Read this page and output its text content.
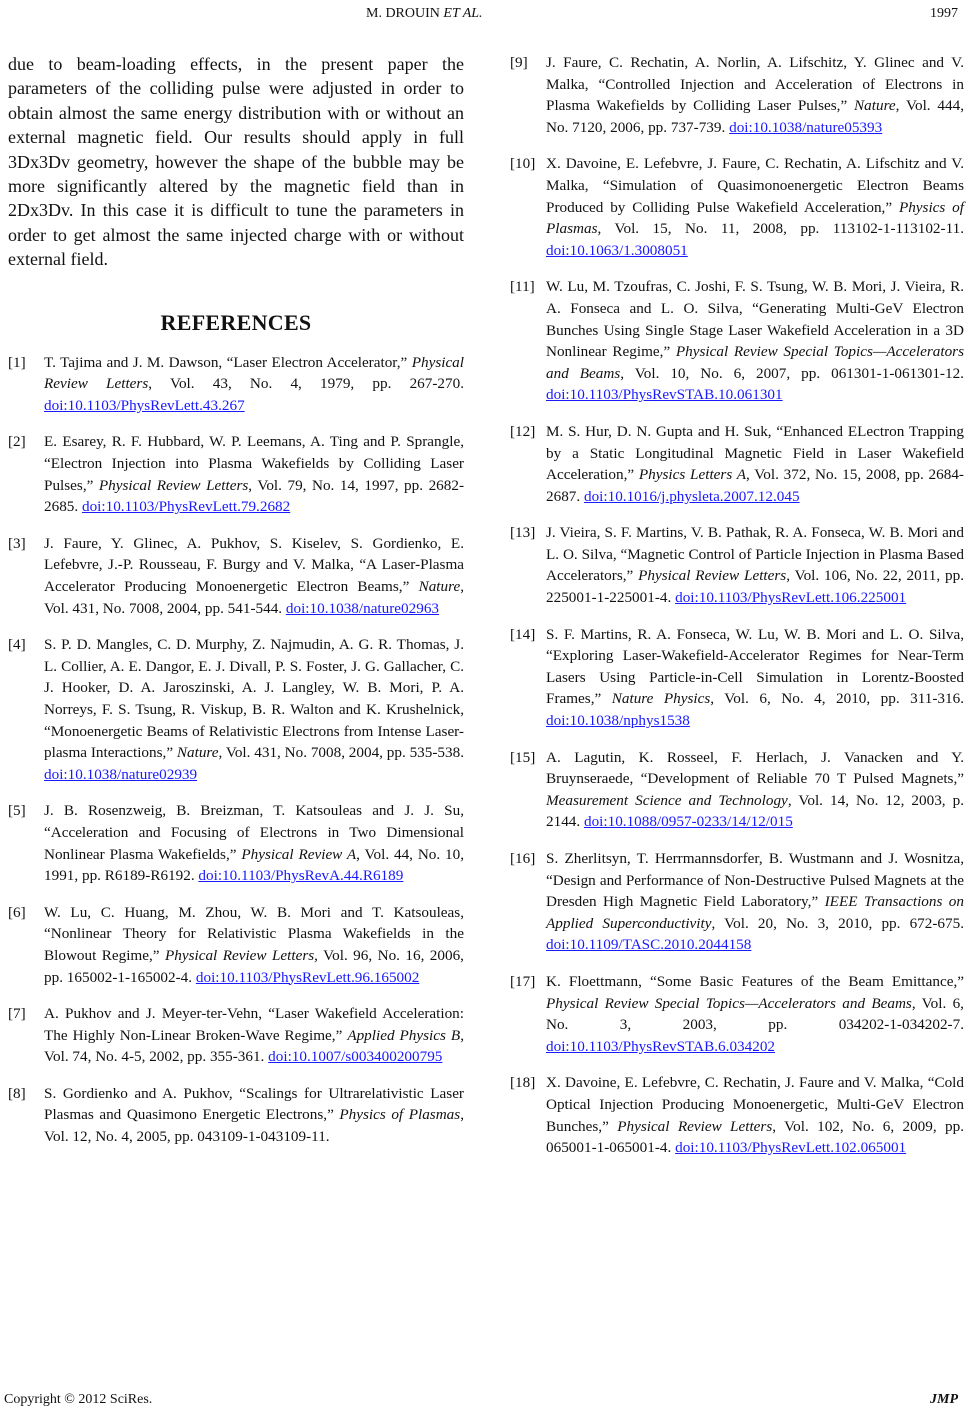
M. DROUIN ET AL.	1997

due to beam-loading effects, in the present paper the parameters of the colliding pulse were adjusted in order to obtain almost the same energy distribution with or without an external magnetic field. Our results should apply in full 3Dx3Dv geometry, however the shape of the bubble may be more significantly altered by the magnetic field than in 2Dx3Dv. In this case it is difficult to tune the parameters in order to get almost the same injected charge with or without external field.

REFERENCES
[1] T. Tajima and J. M. Dawson, “Laser Electron Accelerator,” Physical Review Letters, Vol. 43, No. 4, 1979, pp. 267-270. doi:10.1103/PhysRevLett.43.267
[2] E. Esarey, R. F. Hubbard, W. P. Leemans, A. Ting and P. Sprangle, “Electron Injection into Plasma Wakefields by Colliding Laser Pulses,” Physical Review Letters, Vol. 79, No. 14, 1997, pp. 2682-2685. doi:10.1103/PhysRevLett.79.2682
[3] J. Faure, Y. Glinec, A. Pukhov, S. Kiselev, S. Gordienko, E. Lefebvre, J.-P. Rousseau, F. Burgy and V. Malka, “A Laser-Plasma Accelerator Producing Monoenergetic Electron Beams,” Nature, Vol. 431, No. 7008, 2004, pp. 541-544. doi:10.1038/nature02963
[4] S. P. D. Mangles, C. D. Murphy, Z. Najmudin, A. G. R. Thomas, J. L. Collier, A. E. Dangor, E. J. Divall, P. S. Foster, J. G. Gallacher, C. J. Hooker, D. A. Jaroszinski, A. J. Langley, W. B. Mori, P. A. Norreys, F. S. Tsung, R. Viskup, B. R. Walton and K. Krushelnick, “Monoenergetic Beams of Relativistic Electrons from Intense Laser-plasma Interactions,” Nature, Vol. 431, No. 7008, 2004, pp. 535-538. doi:10.1038/nature02939
[5] J. B. Rosenzweig, B. Breizman, T. Katsouleas and J. J. Su, “Acceleration and Focusing of Electrons in Two Dimensional Nonlinear Plasma Wakefields,” Physical Review A, Vol. 44, No. 10, 1991, pp. R6189-R6192. doi:10.1103/PhysRevA.44.R6189
[6] W. Lu, C. Huang, M. Zhou, W. B. Mori and T. Katsouleas, “Nonlinear Theory for Relativistic Plasma Wakefields in the Blowout Regime,” Physical Review Letters, Vol. 96, No. 16, 2006, pp. 165002-1-165002-4. doi:10.1103/PhysRevLett.96.165002
[7] A. Pukhov and J. Meyer-ter-Vehn, “Laser Wakefield Acceleration: The Highly Non-Linear Broken-Wave Regime,” Applied Physics B, Vol. 74, No. 4-5, 2002, pp. 355-361. doi:10.1007/s003400200795
[8] S. Gordienko and A. Pukhov, “Scalings for Ultrarelativistic Laser Plasmas and Quasimono Energetic Electrons,” Physics of Plasmas, Vol. 12, No. 4, 2005, pp. 043109-1-043109-11.
[9] J. Faure, C. Rechatin, A. Norlin, A. Lifschitz, Y. Glinec and V. Malka, “Controlled Injection and Acceleration of Electrons in Plasma Wakefields by Colliding Laser Pulses,” Nature, Vol. 444, No. 7120, 2006, pp. 737-739. doi:10.1038/nature05393
[10] X. Davoine, E. Lefebvre, J. Faure, C. Rechatin, A. Lifschitz and V. Malka, “Simulation of Quasimonoenergetic Electron Beams Produced by Colliding Pulse Wakefield Acceleration,” Physics of Plasmas, Vol. 15, No. 11, 2008, pp. 113102-1-113102-11. doi:10.1063/1.3008051
[11] W. Lu, M. Tzoufras, C. Joshi, F. S. Tsung, W. B. Mori, J. Vieira, R. A. Fonseca and L. O. Silva, “Generating Multi-GeV Electron Bunches Using Single Stage Laser Wakefield Acceleration in a 3D Nonlinear Regime,” Physical Review Special Topics—Accelerators and Beams, Vol. 10, No. 6, 2007, pp. 061301-1-061301-12. doi:10.1103/PhysRevSTAB.10.061301
[12] M. S. Hur, D. N. Gupta and H. Suk, “Enhanced ELectron Trapping by a Static Longitudinal Magnetic Field in Laser Wakefield Acceleration,” Physics Letters A, Vol. 372, No. 15, 2008, pp. 2684-2687. doi:10.1016/j.physleta.2007.12.045
[13] J. Vieira, S. F. Martins, V. B. Pathak, R. A. Fonseca, W. B. Mori and L. O. Silva, “Magnetic Control of Particle Injection in Plasma Based Accelerators,” Physical Review Letters, Vol. 106, No. 22, 2011, pp. 225001-1-225001-4. doi:10.1103/PhysRevLett.106.225001
[14] S. F. Martins, R. A. Fonseca, W. Lu, W. B. Mori and L. O. Silva, “Exploring Laser-Wakefield-Accelerator Regimes for Near-Term Lasers Using Particle-in-Cell Simulation in Lorentz-Boosted Frames,” Nature Physics, Vol. 6, No. 4, 2010, pp. 311-316. doi:10.1038/nphys1538
[15] A. Lagutin, K. Rosseel, F. Herlach, J. Vanacken and Y. Bruynseraede, “Development of Reliable 70 T Pulsed Magnets,” Measurement Science and Technology, Vol. 14, No. 12, 2003, p. 2144. doi:10.1088/0957-0233/14/12/015
[16] S. Zherlitsyn, T. Herrmannsdorfer, B. Wustmann and J. Wosnitza, “Design and Performance of Non-Destructive Pulsed Magnets at the Dresden High Magnetic Field Laboratory,” IEEE Transactions on Applied Superconductivity, Vol. 20, No. 3, 2010, pp. 672-675. doi:10.1109/TASC.2010.2044158
[17] K. Floettmann, “Some Basic Features of the Beam Emittance,” Physical Review Special Topics—Accelerators and Beams, Vol. 6, No. 3, 2003, pp. 034202-1-034202-7. doi:10.1103/PhysRevSTAB.6.034202
[18] X. Davoine, E. Lefebvre, C. Rechatin, J. Faure and V. Malka, “Cold Optical Injection Producing Monoenergetic, Multi-GeV Electron Bunches,” Physical Review Letters, Vol. 102, No. 6, 2009, pp. 065001-1-065001-4. doi:10.1103/PhysRevLett.102.065001
Copyright © 2012 SciRes.	JMP
